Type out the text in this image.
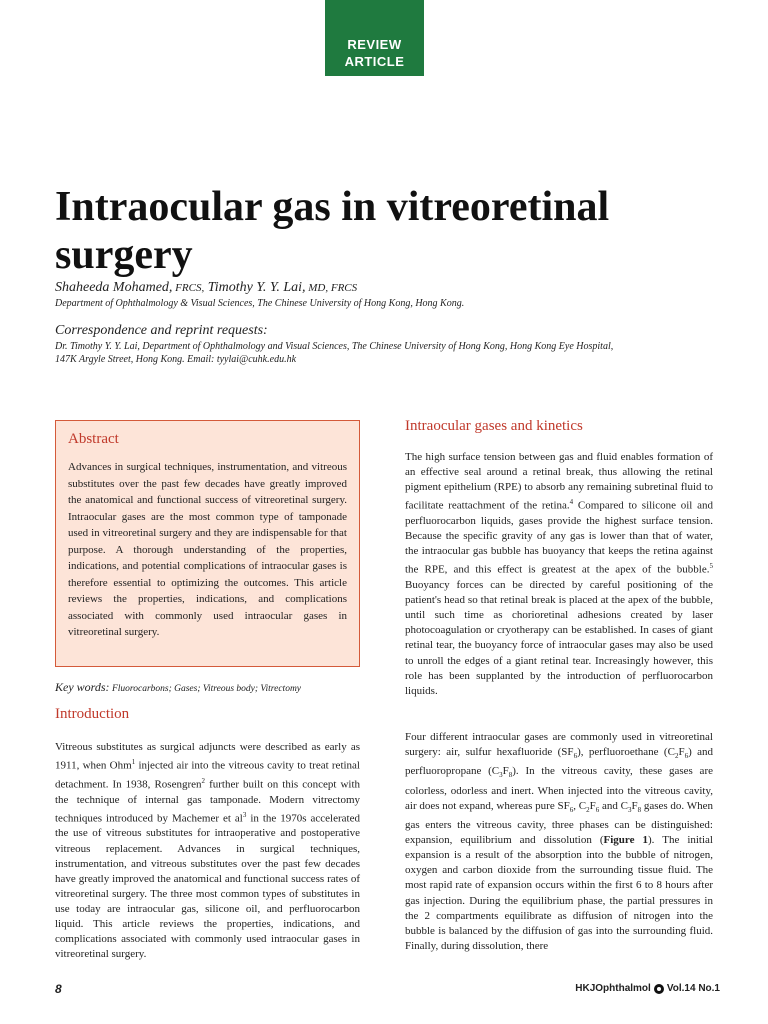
REVIEW
ARTICLE
Intraocular gas in vitreoretinal surgery
Shaheeda Mohamed, FRCS, Timothy Y. Y. Lai, MD, FRCS
Department of Ophthalmology & Visual Sciences, The Chinese University of Hong Kong, Hong Kong.
Correspondence and reprint requests:
Dr. Timothy Y. Y. Lai, Department of Ophthalmology and Visual Sciences, The Chinese University of Hong Kong, Hong Kong Eye Hospital,
147K Argyle Street, Hong Kong. Email: tyylai@cuhk.edu.hk
Abstract

Advances in surgical techniques, instrumentation, and vitreous substitutes over the past few decades have greatly improved the anatomical and functional success of vitreoretinal surgery. Intraocular gases are the most common type of tamponade used in vitreoretinal surgery and they are indispensable for that purpose. A thorough understanding of the properties, indications, and potential complications of intraocular gases is therefore essential to optimizing the outcomes. This article reviews the properties, indications, and complications associated with commonly used intraocular gases in vitreoretinal surgery.

Key words: Fluorocarbons; Gases; Vitreous body; Vitrectomy
Introduction

Vitreous substitutes as surgical adjuncts were described as early as 1911, when Ohm$^1$ injected air into the vitreous cavity to treat retinal detachment. In 1938, Rosengren$^2$ further built on this concept with the technique of internal gas tamponade. Modern vitrectomy techniques introduced by Machemer et $al^3$ in the 1970s accelerated the use of vitreous substitutes for intraoperative and postoperative vitreous replacement. Advances in surgical techniques, instrumentation, and vitreous substitutes over the past few decades have greatly improved the anatomical and functional success rates of vitreoretinal surgery. The three most common types of substitutes in use today are intraocular gas, silicone oil, and perfluorocarbon liquid. This article reviews the properties, indications, and complications associated with commonly used intraocular gases in vitreoretinal surgery.

Intraocular gases and kinetics

The high surface tension between gas and fluid enables formation of an effective seal around a retinal break, thus allowing the retinal pigment epithelium (RPE) to absorb any remaining subretinal fluid to facilitate reattachment of the retina.$^4$ Compared to silicone oil and perfluorocarbon liquids, gases provide the highest surface tension. Because the specific gravity of any gas is lower than that of water, the intraocular gas bubble has buoyancy that keeps the retina against the RPE, and this effect is greatest at the apex of the bubble.$^5$ Buoyancy forces can be directed by careful positioning of the patient's head so that retinal break is placed at the apex of the bubble, until such time as chorioretinal adhesions created by laser photocoagulation or cryotherapy can be established. In cases of giant retinal tear, the buoyancy force of intraocular gases may also be used to unroll the edges of a giant retinal tear. Increasingly however, this role has been supplanted by the introduction of perfluorocarbon liquids.

Four different intraocular gases are commonly used in vitreoretinal surgery: air, sulfur hexafluoride $(SF_6)$, perfluoroethane $(C_2F_6)$ and perfluoropropane $(C_3F_8)$. In the vitreous cavity, these gases are colorless, odorless and inert. When injected into the vitreous cavity, air does not expand, whereas pure $SF_6$, $C_2F_6$ and $C_3F_8$ gases do. When gas enters the vitreous cavity, three phases can be distinguished: expansion, equilibrium and dissolution (Figure 1). The initial expansion is a result of the absorption into the bubble of nitrogen, oxygen and carbon dioxide from the surrounding tissue fluid. The most rapid rate of expansion occurs within the first 6 to 8 hours after gas injection. During the equilibrium phase, the partial pressures in the 2 compartments equilibrate as diffusion of nitrogen into the bubble is balanced by the diffusion of gas into the surrounding fluid. Finally, during dissolution, there

8	HKJOphthalmol Vol.14 No.1
